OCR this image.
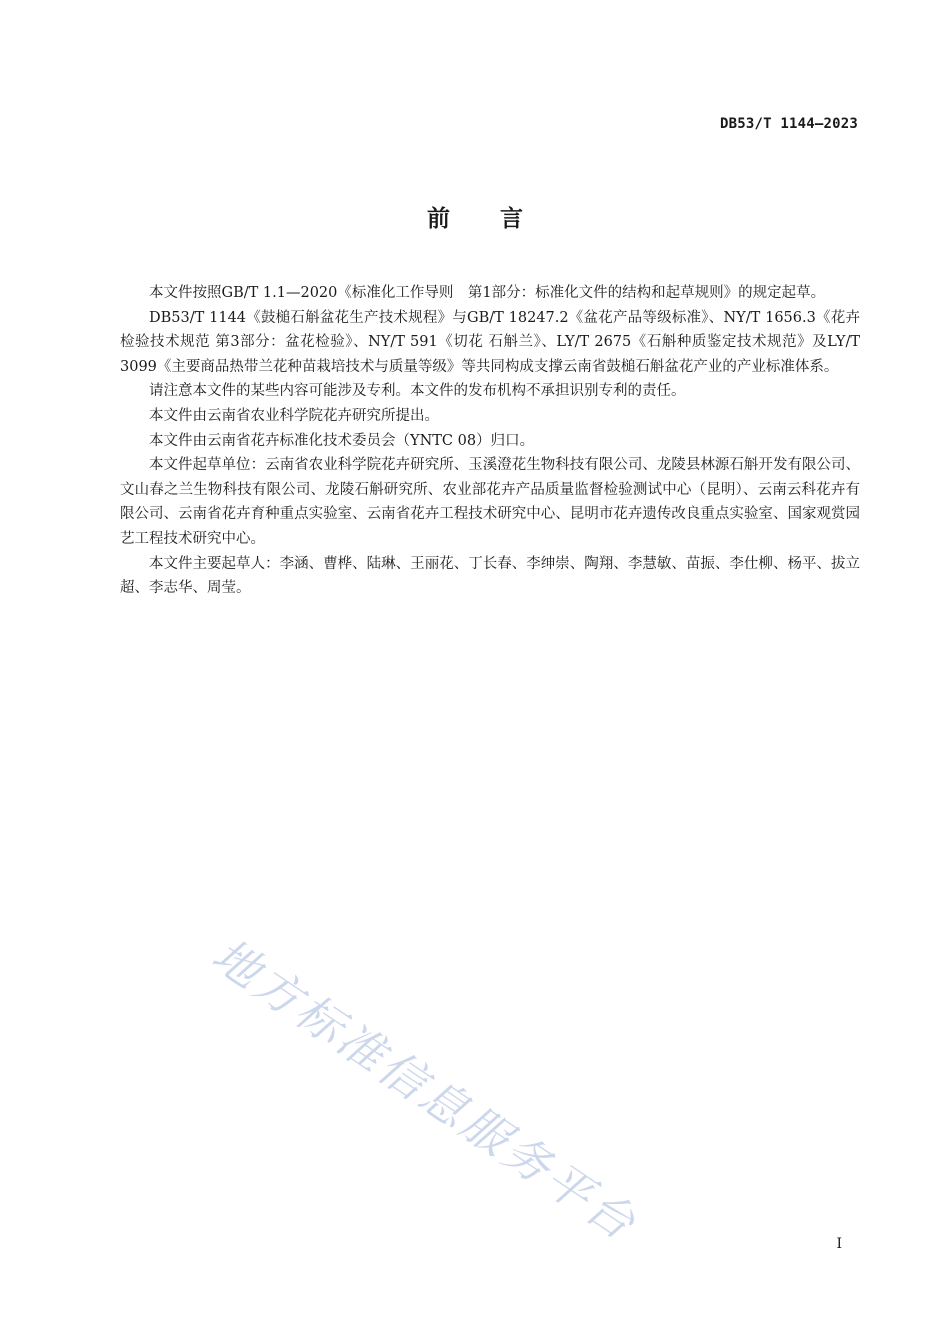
DB53/T 1144—2023
前言

本文件按照GB/T 1.1—2020《标准化工作导则　第1部分：标准化文件的结构和起草规则》的规定起草。

DB53/T 1144《鼓槌石斛盆花生产技术规程》与GB/T 18247.2《盆花产品等级标准》、NY/T 1656.3《花卉检验技术规范 第3部分：盆花检验》、NY/T 591《切花 石斛兰》、LY/T 2675《石斛种质鉴定技术规范》及LY/T 3099《主要商品热带兰花种苗栽培技术与质量等级》等共同构成支撑云南省鼓槌石斛盆花产业的产业标准体系。

请注意本文件的某些内容可能涉及专利。本文件的发布机构不承担识别专利的责任。

本文件由云南省农业科学院花卉研究所提出。

本文件由云南省花卉标准化技术委员会（YNTC 08）归口。

本文件起草单位：云南省农业科学院花卉研究所、玉溪澄花生物科技有限公司、龙陵县林源石斛开发有限公司、文山春之兰生物科技有限公司、龙陵石斛研究所、农业部花卉产品质量监督检验测试中心（昆明）、云南云科花卉有限公司、云南省花卉育种重点实验室、云南省花卉工程技术研究中心、昆明市花卉遗传改良重点实验室、国家观赏园艺工程技术研究中心。

本文件主要起草人：李涵、曹桦、陆琳、王丽花、丁长春、李绅崇、陶翔、李慧敏、苗振、李仕柳、杨平、拔立超、李志华、周莹。

地方标准信息服务平台	I
